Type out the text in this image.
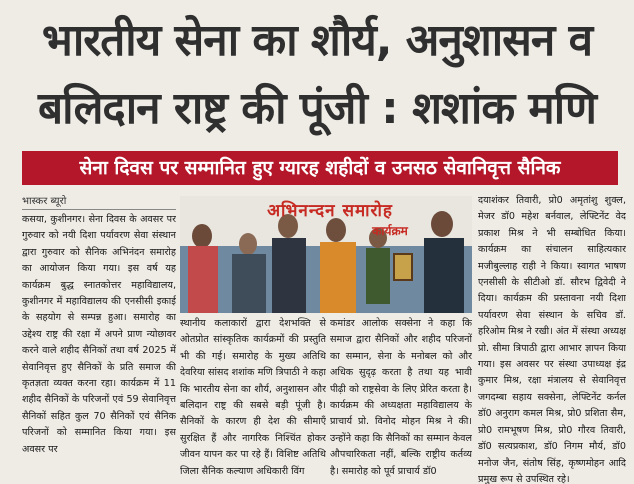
भारतीय सेना का शौर्य, अनुशासन व
बलिदान राष्ट्र की पूंजी : शशांक मणि
सेना दिवस पर सम्मानित हुए ग्यारह शहीदों व उनसठ सेवानिवृत्त सैनिक
भास्कर ब्यूरो

कसया, कुशीनगर। सेना दिवस के अवसर पर गुरुवार को नयी दिशा पर्यावरण सेवा संस्थान द्वारा गुरुवार को सैनिक अभिनंदन समारोह का आयोजन किया गया। इस वर्ष यह कार्यक्रम बुद्ध स्नातकोत्तर महाविद्यालय, कुशीनगर में महाविद्यालय की एनसीसी इकाई के सहयोग से सम्पन्न हुआ। समारोह का उद्देश्य राष्ट्र की रक्षा में अपने प्राण न्योछावर करने वाले शहीद सैनिकों तथा वर्ष 2025 में सेवानिवृत्त हुए सैनिकों के प्रति समाज की कृतज्ञता व्यक्त करना रहा। कार्यक्रम में 11 शहीद सैनिकों के परिजनों एवं 59 सेवानिवृत्त सैनिकों सहित कुल 70 सैनिकों एवं सैनिक परिजनों को सम्मानित किया गया। इस अवसर पर

अभिनन्दन समारोह
कार्यक्रम

स्थानीय कलाकारों द्वारा देशभक्ति से ओतप्रोत सांस्कृतिक कार्यक्रमों की प्रस्तुति भी की गई। समारोह के मुख्य अतिथि देवरिया सांसद शशांक मणि त्रिपाठी ने कहा कि भारतीय सेना का शौर्य, अनुशासन और बलिदान राष्ट्र की सबसे बड़ी पूंजी है। सैनिकों के कारण ही देश की सीमाएँ सुरक्षित हैं और नागरिक निश्चिंत होकर जीवन यापन कर पा रहे हैं। विशिष्ट अतिथि जिला सैनिक कल्याण अधिकारी विंग

कमांडर आलोक सक्सेना ने कहा कि समाज द्वारा सैनिकों और शहीद परिजनों का सम्मान, सेना के मनोबल को और अधिक सुदृढ़ करता है तथा यह भावी पीढ़ी को राष्ट्रसेवा के लिए प्रेरित करता है। कार्यक्रम की अध्यक्षता महाविद्यालय के प्राचार्य प्रो. विनोद मोहन मिश्र ने की। उन्होंने कहा कि सैनिकों का सम्मान केवल औपचारिकता नहीं, बल्कि राष्ट्रीय कर्तव्य है। समारोह को पूर्व प्राचार्य डॉ0

दयाशंकर तिवारी, प्रो0 अमृतांशु शुक्ल, मेजर डॉ0 महेश बर्नवाल, लेफ्टिनेंट वेद प्रकाश मिश्र ने भी सम्बोधित किया। कार्यक्रम का संचालन साहित्यकार मजीबुल्लाह राही ने किया। स्वागत भाषण एनसीसी के सीटीओ डॉ. सौरभ द्विवेदी ने दिया। कार्यक्रम की प्रस्तावना नयी दिशा पर्यावरण सेवा संस्थान के सचिव डॉ. हरिओम मिश्र ने रखी। अंत में संस्था अध्यक्ष प्रो. सीमा त्रिपाठी द्वारा आभार ज्ञापन किया गया। इस अवसर पर संस्था उपाध्यक्ष इंद्र कुमार मिश्र, रक्षा मंत्रालय से सेवानिवृत्त जगदम्बा सहाय सक्सेना, लेफ्टिनेंट कर्नल डॉ0 अनुराग कमल मिश्र, प्रो0 प्रशिता सैम, प्रो0 रामभूषण मिश्र, प्रो0 गौरव तिवारी, डॉ0 सत्यप्रकाश, डॉ0 निगम मौर्य, डॉ0 मनोज जैन, संतोष सिंह, कृष्णमोहन आदि प्रमुख रूप से उपस्थित रहे।
